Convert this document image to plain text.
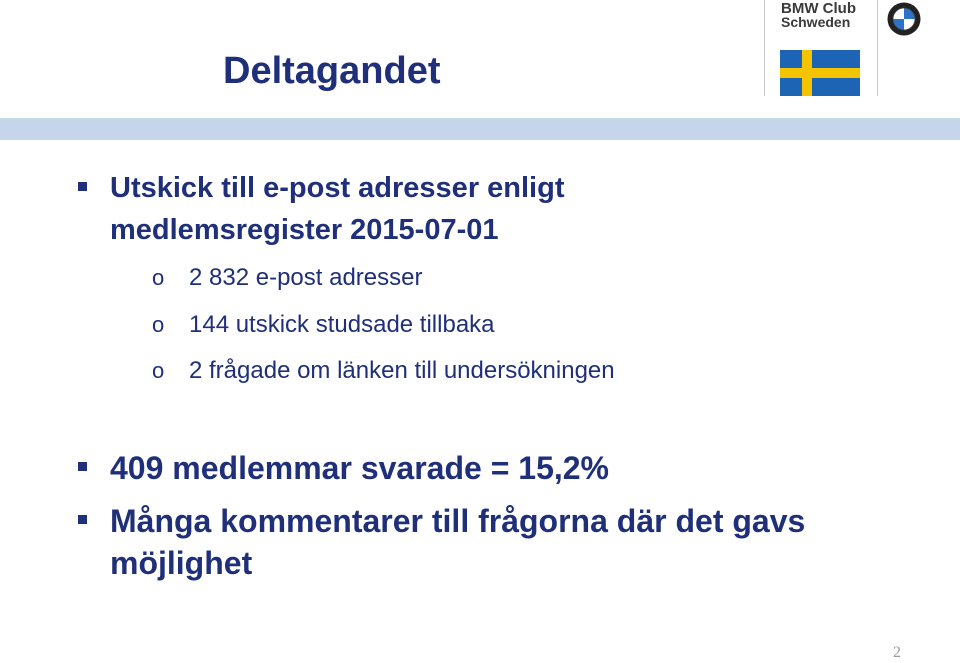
Deltagandet
BMW Club
Schweden
Utskick till e-post adresser enligt medlemsregister 2015-07-01
o 2 832 e-post adresser
o 144 utskick studsade tillbaka
o 2 frågade om länken till undersökningen
409 medlemmar svarade = 15,2%
Många kommentarer till frågorna där det gavs möjlighet
2
